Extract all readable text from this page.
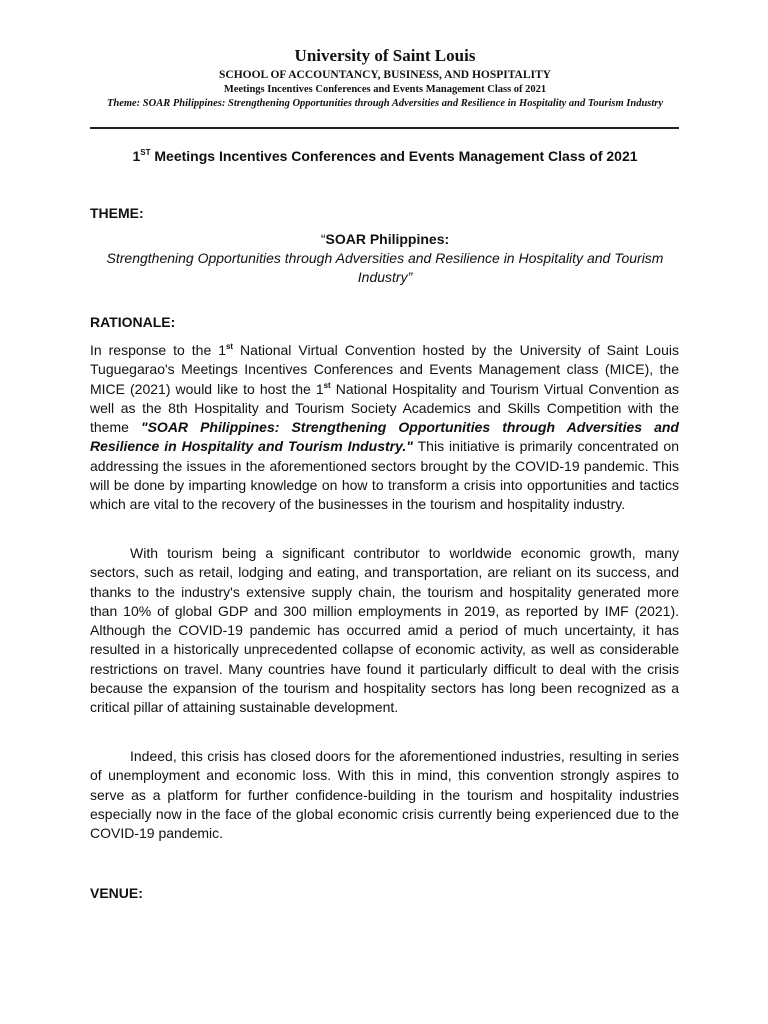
University of Saint Louis
SCHOOL OF ACCOUNTANCY, BUSINESS, AND HOSPITALITY
Meetings Incentives Conferences and Events Management Class of 2021
Theme: SOAR Philippines: Strengthening Opportunities through Adversities and Resilience in Hospitality and Tourism Industry
1ST Meetings Incentives Conferences and Events Management Class of 2021
THEME:
“SOAR Philippines:
Strengthening Opportunities through Adversities and Resilience in Hospitality and Tourism Industry”
RATIONALE:

In response to the 1st National Virtual Convention hosted by the University of Saint Louis Tuguegarao's Meetings Incentives Conferences and Events Management class (MICE), the MICE (2021) would like to host the 1st National Hospitality and Tourism Virtual Convention as well as the 8th Hospitality and Tourism Society Academics and Skills Competition with the theme "SOAR Philippines: Strengthening Opportunities through Adversities and Resilience in Hospitality and Tourism Industry." This initiative is primarily concentrated on addressing the issues in the aforementioned sectors brought by the COVID-19 pandemic. This will be done by imparting knowledge on how to transform a crisis into opportunities and tactics which are vital to the recovery of the businesses in the tourism and hospitality industry.

With tourism being a significant contributor to worldwide economic growth, many sectors, such as retail, lodging and eating, and transportation, are reliant on its success, and thanks to the industry's extensive supply chain, the tourism and hospitality generated more than 10% of global GDP and 300 million employments in 2019, as reported by IMF (2021). Although the COVID-19 pandemic has occurred amid a period of much uncertainty, it has resulted in a historically unprecedented collapse of economic activity, as well as considerable restrictions on travel. Many countries have found it particularly difficult to deal with the crisis because the expansion of the tourism and hospitality sectors has long been recognized as a critical pillar of attaining sustainable development.

Indeed, this crisis has closed doors for the aforementioned industries, resulting in series of unemployment and economic loss. With this in mind, this convention strongly aspires to serve as a platform for further confidence-building in the tourism and hospitality industries especially now in the face of the global economic crisis currently being experienced due to the COVID-19 pandemic.

VENUE:
